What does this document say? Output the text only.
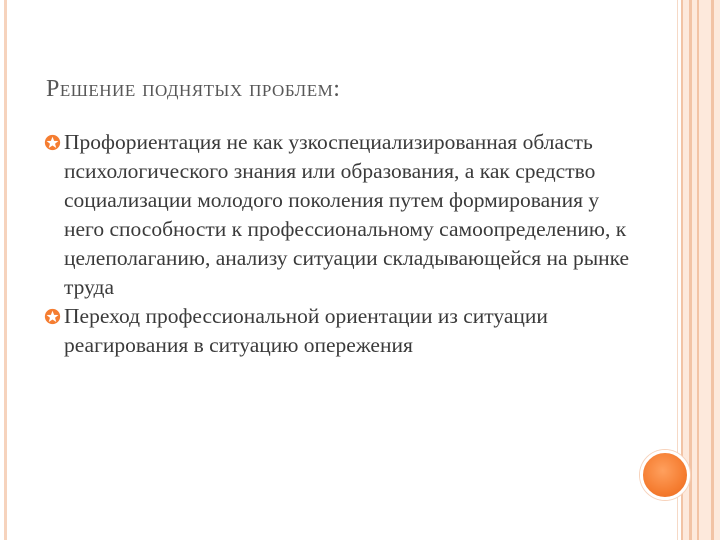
Решение поднятых проблем:
Профориентация не как узкоспециализированная область психологического знания или образования, а как средство социализации молодого поколения путем формирования у него способности к профессиональному самоопределению, к целеполаганию, анализу ситуации складывающейся на рынке труда
Переход профессиональной ориентации из ситуации реагирования в ситуацию опережения
